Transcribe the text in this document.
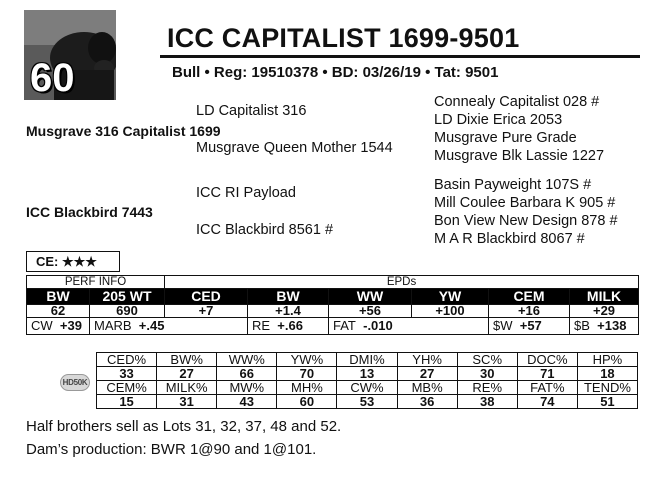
60
ICC CAPITALIST 1699-9501
Bull • Reg: 19510378 • BD: 03/26/19 • Tat: 9501
LD Capitalist 316
Musgrave 316 Capitalist 1699
Musgrave Queen Mother 1544
Connealy Capitalist 028 #
LD Dixie Erica 2053
Musgrave Pure Grade
Musgrave Blk Lassie 1227
ICC RI Payload
ICC Blackbird 7443
ICC Blackbird 8561 #
Basin Payweight 107S #
Mill Coulee Barbara K 905 #
Bon View New Design 878 #
M A R Blackbird 8067 #
CE: ★★★
PERF INFO		EPDs					
BW	205 WT	CED	BW	WW	YW	CEM	MILK
62	690	+7	+1.4	+56	+100	+16	+29
CW +39	MARB +.45		RE +.66	FAT -.010		$W +57	$B +138
HD50K
CED%	BW%	WW%	YW%	DMI%	YH%	SC%	DOC%	HP%
33	27	66	70	13	27	30	71	18
CEM%	MILK%	MW%	MH%	CW%	MB%	RE%	FAT%	TEND%
15	31	43	60	53	36	38	74	51
Half brothers sell as Lots 31, 32, 37, 48 and 52.
Dam’s production: BWR 1@90 and 1@101.
